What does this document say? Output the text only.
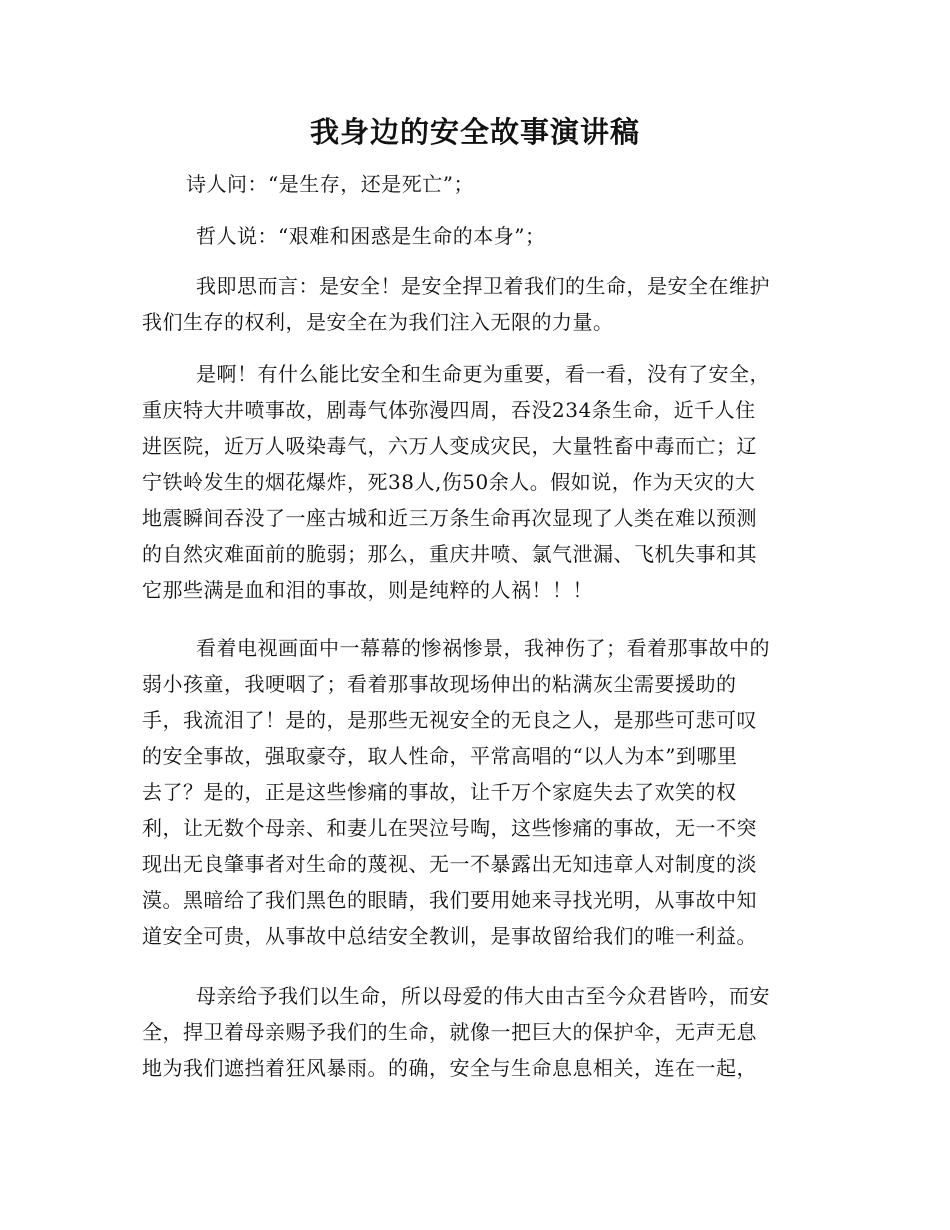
我身边的安全故事演讲稿

诗人问：“是生存，还是死亡”；

哲人说：“艰难和困惑是生命的本身”；

我即思而言：是安全！是安全捍卫着我们的生命，是安全在维护
我们生存的权利，是安全在为我们注入无限的力量。

是啊！有什么能比安全和生命更为重要，看一看，没有了安全，
重庆特大井喷事故，剧毒气体弥漫四周，吞没234条生命，近千人住
进医院，近万人吸染毒气，六万人变成灾民，大量牲畜中毒而亡；辽
宁铁岭发生的烟花爆炸，死38人,伤50余人。假如说，作为天灾的大
地震瞬间吞没了一座古城和近三万条生命再次显现了人类在难以预测
的自然灾难面前的脆弱；那么，重庆井喷、氯气泄漏、飞机失事和其
它那些满是血和泪的事故，则是纯粹的人祸！！！

看着电视画面中一幕幕的惨祸惨景，我神伤了；看着那事故中的
弱小孩童，我哽咽了；看着那事故现场伸出的粘满灰尘需要援助的
手，我流泪了！是的，是那些无视安全的无良之人，是那些可悲可叹
的安全事故，强取豪夺，取人性命，平常高唱的“以人为本”到哪里
去了？是的，正是这些惨痛的事故，让千万个家庭失去了欢笑的权
利，让无数个母亲、和妻儿在哭泣号啕，这些惨痛的事故，无一不突
现出无良肇事者对生命的蔑视、无一不暴露出无知违章人对制度的淡
漠。黑暗给了我们黑色的眼睛，我们要用她来寻找光明，从事故中知
道安全可贵，从事故中总结安全教训，是事故留给我们的唯一利益。

母亲给予我们以生命，所以母爱的伟大由古至今众君皆吟，而安
全，捍卫着母亲赐予我们的生命，就像一把巨大的保护伞，无声无息
地为我们遮挡着狂风暴雨。的确，安全与生命息息相关，连在一起，
